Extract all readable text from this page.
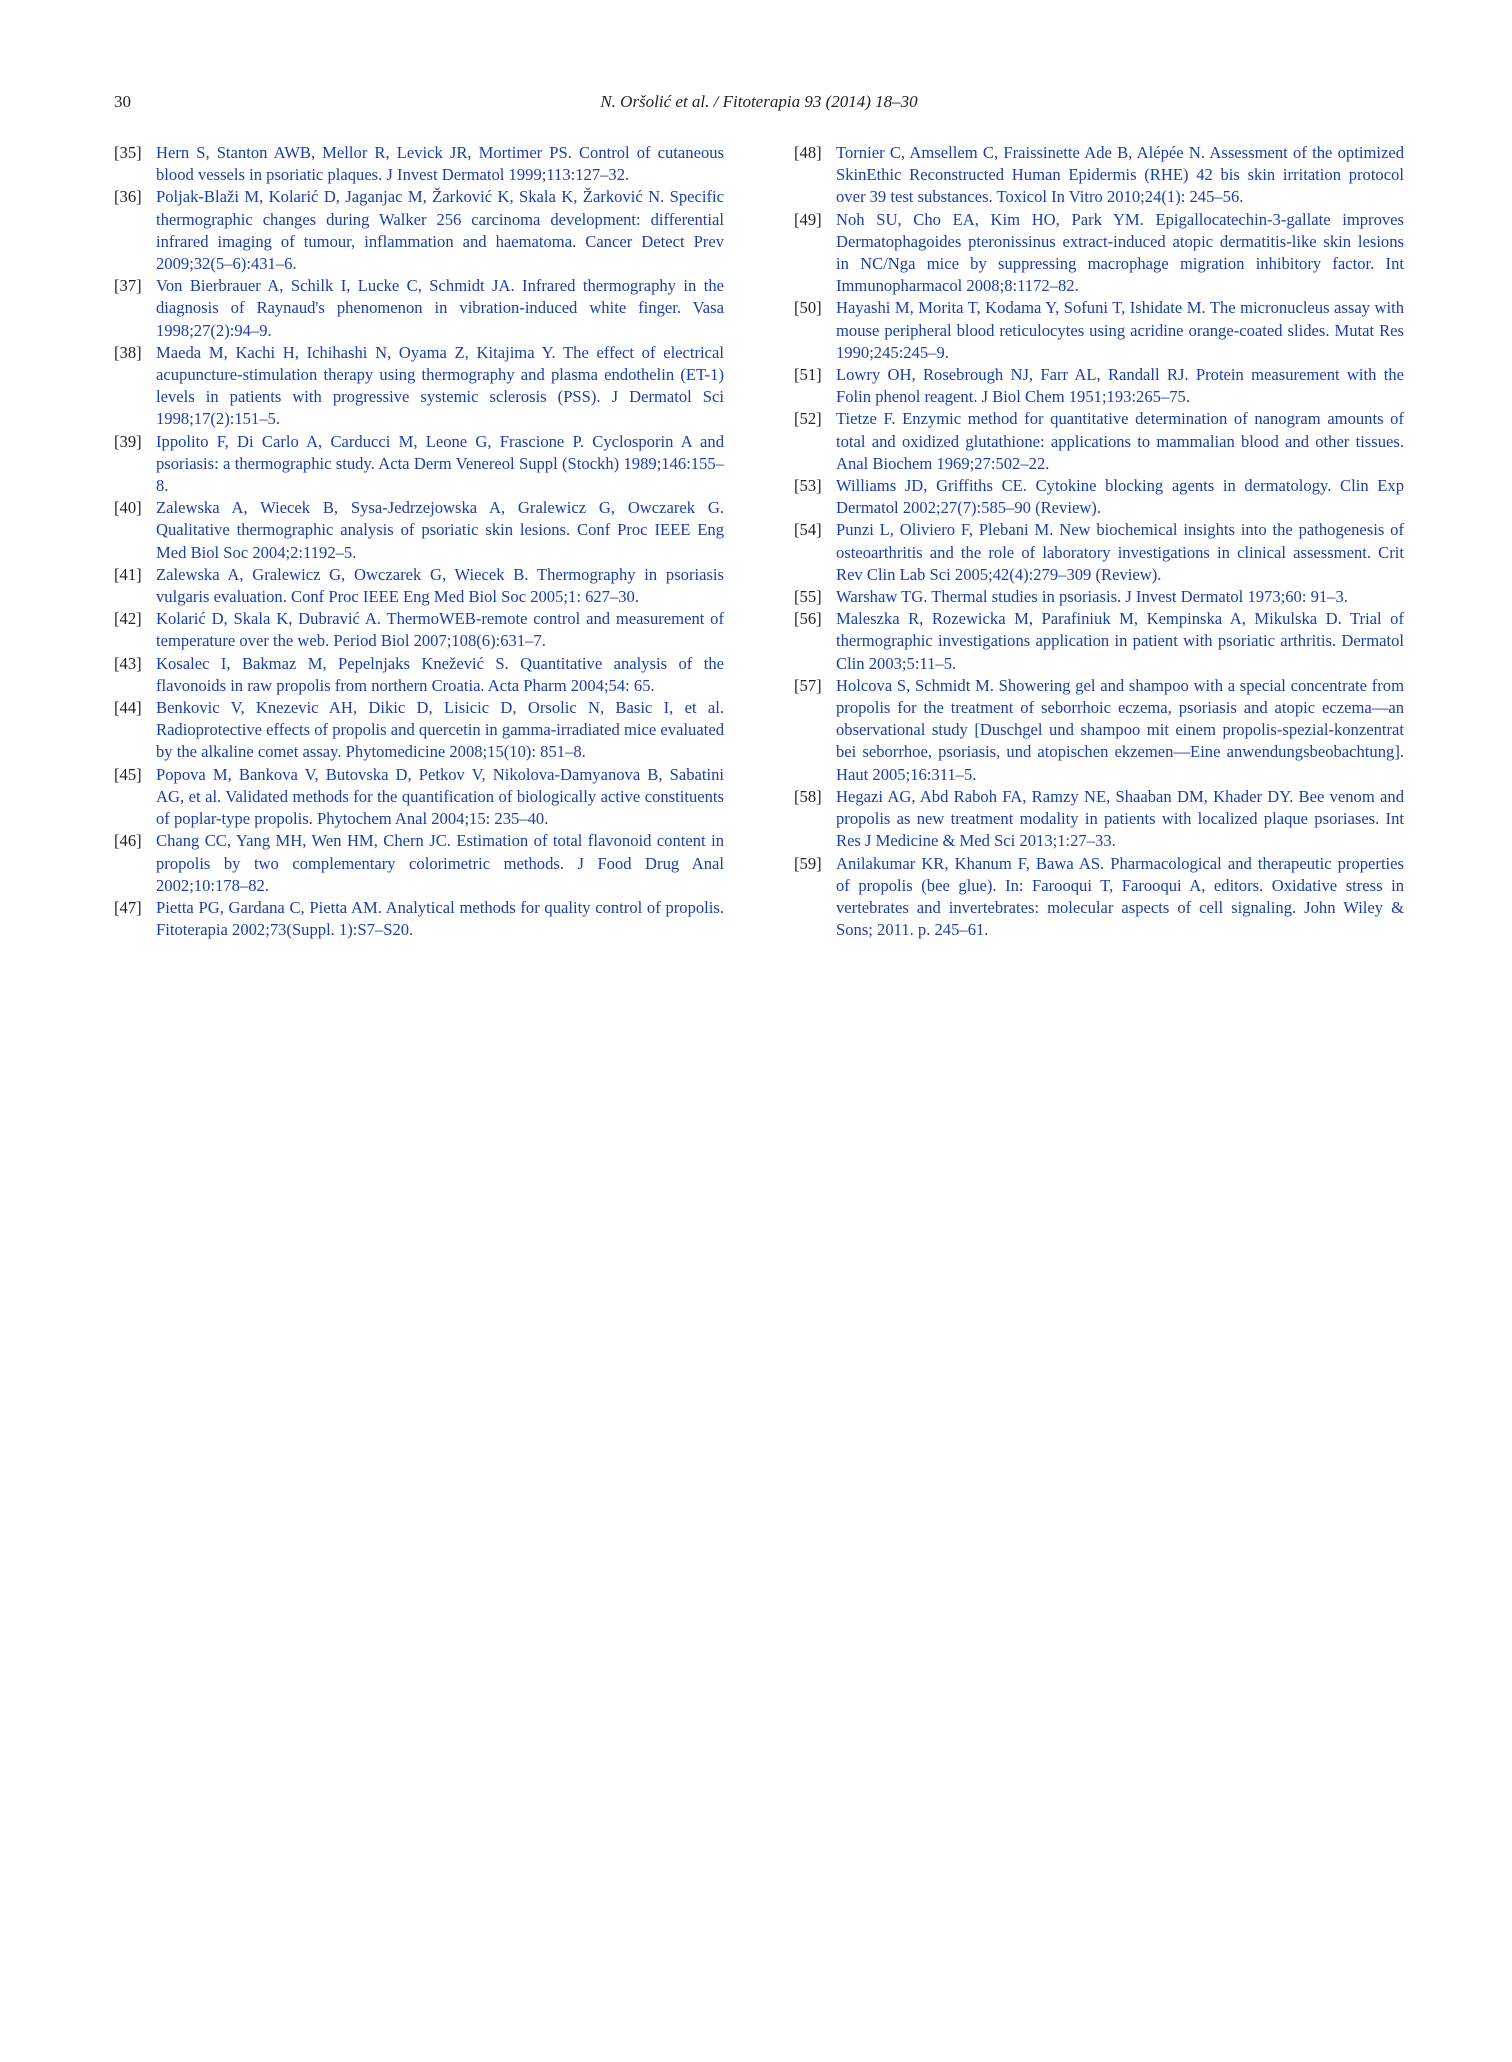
30	N. Oršolić et al. / Fitoterapia 93 (2014) 18–30
[35] Hern S, Stanton AWB, Mellor R, Levick JR, Mortimer PS. Control of cutaneous blood vessels in psoriatic plaques. J Invest Dermatol 1999;113:127–32.
[36] Poljak-Blaži M, Kolarić D, Jaganjac M, Žarković K, Skala K, Žarković N. Specific thermographic changes during Walker 256 carcinoma development: differential infrared imaging of tumour, inflammation and haematoma. Cancer Detect Prev 2009;32(5–6):431–6.
[37] Von Bierbrauer A, Schilk I, Lucke C, Schmidt JA. Infrared thermography in the diagnosis of Raynaud's phenomenon in vibration-induced white finger. Vasa 1998;27(2):94–9.
[38] Maeda M, Kachi H, Ichihashi N, Oyama Z, Kitajima Y. The effect of electrical acupuncture-stimulation therapy using thermography and plasma endothelin (ET-1) levels in patients with progressive systemic sclerosis (PSS). J Dermatol Sci 1998;17(2):151–5.
[39] Ippolito F, Di Carlo A, Carducci M, Leone G, Frascione P. Cyclosporin A and psoriasis: a thermographic study. Acta Derm Venereol Suppl (Stockh) 1989;146:155–8.
[40] Zalewska A, Wiecek B, Sysa-Jedrzejowska A, Gralewicz G, Owczarek G. Qualitative thermographic analysis of psoriatic skin lesions. Conf Proc IEEE Eng Med Biol Soc 2004;2:1192–5.
[41] Zalewska A, Gralewicz G, Owczarek G, Wiecek B. Thermography in psoriasis vulgaris evaluation. Conf Proc IEEE Eng Med Biol Soc 2005;1: 627–30.
[42] Kolarić D, Skala K, Dubravić A. ThermoWEB-remote control and measurement of temperature over the web. Period Biol 2007;108(6):631–7.
[43] Kosalec I, Bakmaz M, Pepelnjaks Knežević S. Quantitative analysis of the flavonoids in raw propolis from northern Croatia. Acta Pharm 2004;54: 65.
[44] Benkovic V, Knezevic AH, Dikic D, Lisicic D, Orsolic N, Basic I, et al. Radioprotective effects of propolis and quercetin in gamma-irradiated mice evaluated by the alkaline comet assay. Phytomedicine 2008;15(10): 851–8.
[45] Popova M, Bankova V, Butovska D, Petkov V, Nikolova-Damyanova B, Sabatini AG, et al. Validated methods for the quantification of biologically active constituents of poplar-type propolis. Phytochem Anal 2004;15: 235–40.
[46] Chang CC, Yang MH, Wen HM, Chern JC. Estimation of total flavonoid content in propolis by two complementary colorimetric methods. J Food Drug Anal 2002;10:178–82.
[47] Pietta PG, Gardana C, Pietta AM. Analytical methods for quality control of propolis. Fitoterapia 2002;73(Suppl. 1):S7–S20.
[48] Tornier C, Amsellem C, Fraissinette Ade B, Alépée N. Assessment of the optimized SkinEthic Reconstructed Human Epidermis (RHE) 42 bis skin irritation protocol over 39 test substances. Toxicol In Vitro 2010;24(1): 245–56.
[49] Noh SU, Cho EA, Kim HO, Park YM. Epigallocatechin-3-gallate improves Dermatophagoides pteronissinus extract-induced atopic dermatitis-like skin lesions in NC/Nga mice by suppressing macrophage migration inhibitory factor. Int Immunopharmacol 2008;8:1172–82.
[50] Hayashi M, Morita T, Kodama Y, Sofuni T, Ishidate M. The micronucleus assay with mouse peripheral blood reticulocytes using acridine orange-coated slides. Mutat Res 1990;245:245–9.
[51] Lowry OH, Rosebrough NJ, Farr AL, Randall RJ. Protein measurement with the Folin phenol reagent. J Biol Chem 1951;193:265–75.
[52] Tietze F. Enzymic method for quantitative determination of nanogram amounts of total and oxidized glutathione: applications to mammalian blood and other tissues. Anal Biochem 1969;27:502–22.
[53] Williams JD, Griffiths CE. Cytokine blocking agents in dermatology. Clin Exp Dermatol 2002;27(7):585–90 (Review).
[54] Punzi L, Oliviero F, Plebani M. New biochemical insights into the pathogenesis of osteoarthritis and the role of laboratory investigations in clinical assessment. Crit Rev Clin Lab Sci 2005;42(4):279–309 (Review).
[55] Warshaw TG. Thermal studies in psoriasis. J Invest Dermatol 1973;60: 91–3.
[56] Maleszka R, Rozewicka M, Parafiniuk M, Kempinska A, Mikulska D. Trial of thermographic investigations application in patient with psoriatic arthritis. Dermatol Clin 2003;5:11–5.
[57] Holcova S, Schmidt M. Showering gel and shampoo with a special concentrate from propolis for the treatment of seborrhoic eczema, psoriasis and atopic eczema—an observational study [Duschgel und shampoo mit einem propolis-spezial-konzentrat bei seborrhoe, psoriasis, und atopischen ekzemen—Eine anwendungsbeobachtung]. Haut 2005;16:311–5.
[58] Hegazi AG, Abd Raboh FA, Ramzy NE, Shaaban DM, Khader DY. Bee venom and propolis as new treatment modality in patients with localized plaque psoriases. Int Res J Medicine & Med Sci 2013;1:27–33.
[59] Anilakumar KR, Khanum F, Bawa AS. Pharmacological and therapeutic properties of propolis (bee glue). In: Farooqui T, Farooqui A, editors. Oxidative stress in vertebrates and invertebrates: molecular aspects of cell signaling. John Wiley & Sons; 2011. p. 245–61.
